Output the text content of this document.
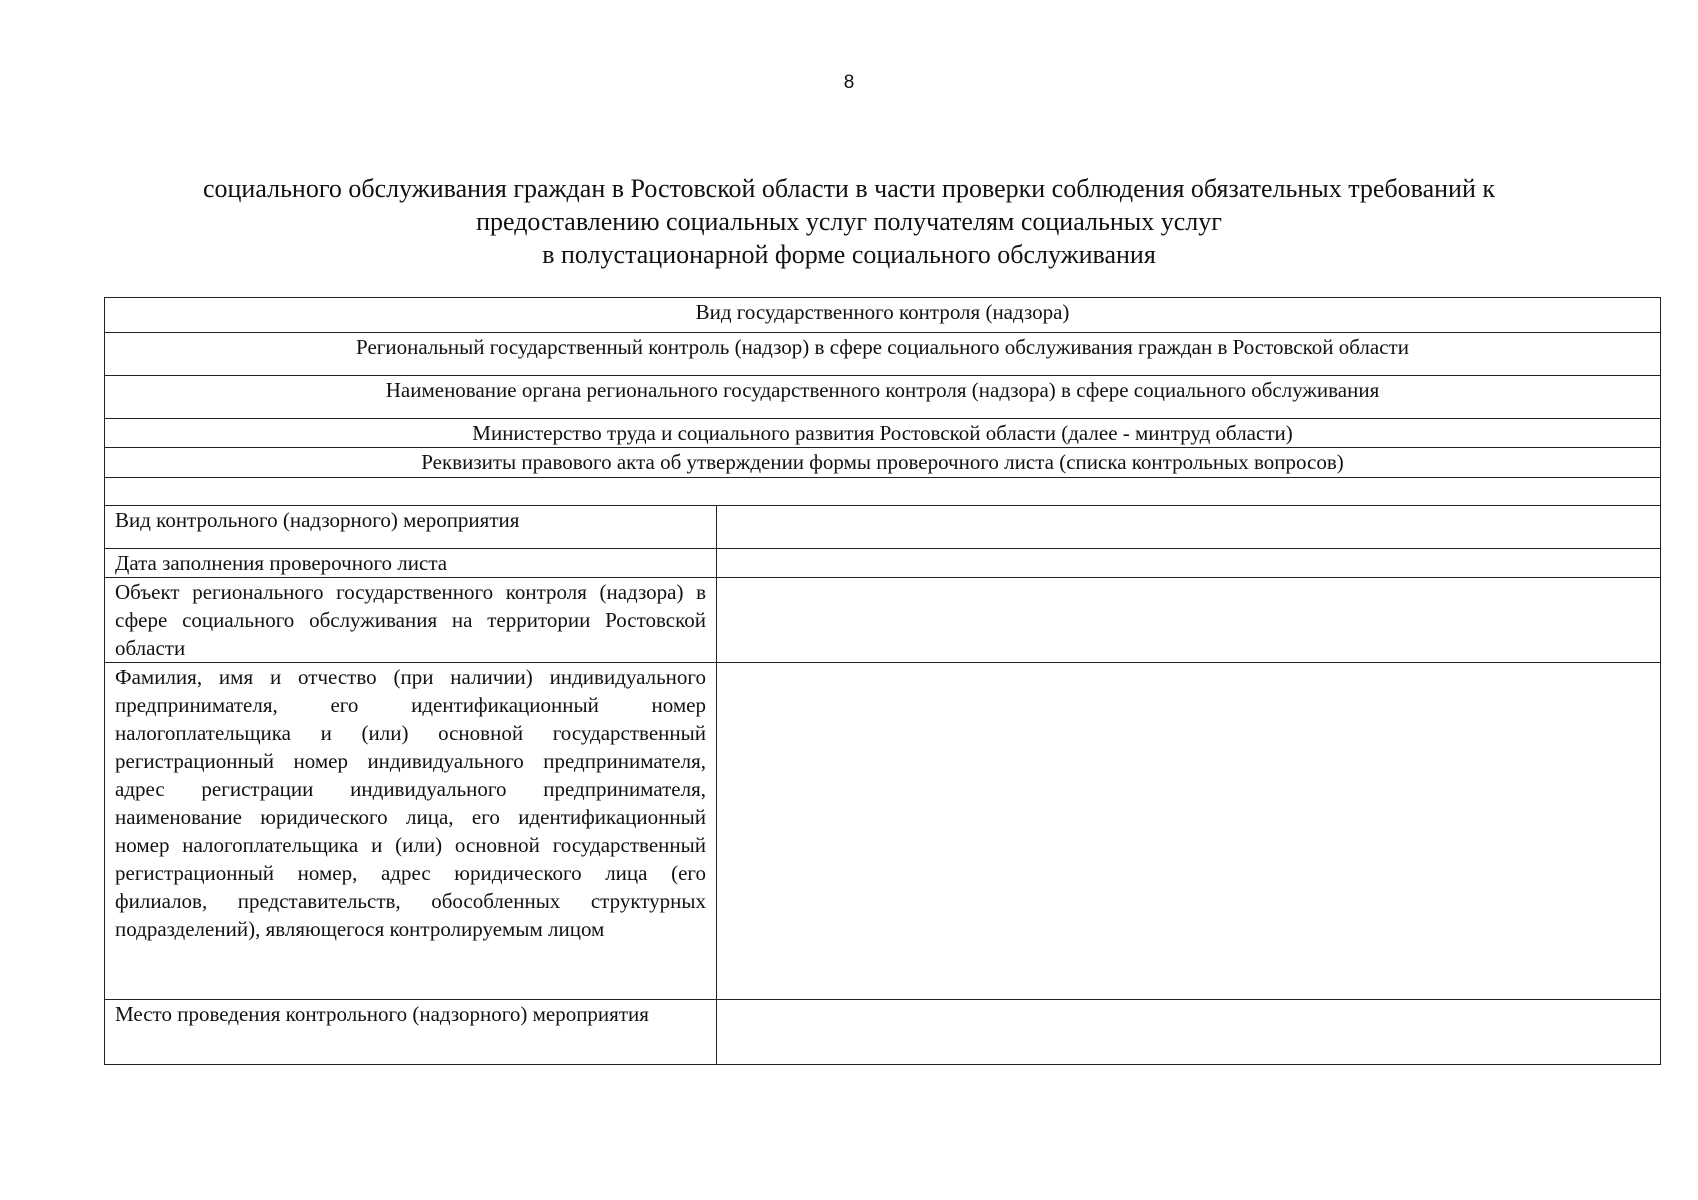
8
социального обслуживания граждан в Ростовской области в части проверки соблюдения обязательных требований к
предоставлению социальных услуг получателям социальных услуг
в полустационарной форме социального обслуживания
Вид государственного контроля (надзора)	
Региональный государственный контроль (надзор) в сфере социального обслуживания граждан в Ростовской области	
Наименование органа регионального государственного контроля (надзора) в сфере социального обслуживания	
Министерство труда и социального развития Ростовской области (далее - минтруд области)	
Реквизиты правового акта об утверждении формы проверочного листа (списка контрольных вопросов)	

Вид контрольного (надзорного) мероприятия	
Дата заполнения проверочного листа	
Объект регионального государственного контроля (надзора) в сфере социального обслуживания на территории Ростовской области	
Фамилия, имя и отчество (при наличии) индивидуального предпринимателя, его идентификационный номер налогоплательщика и (или) основной государственный регистрационный номер индивидуального предпринимателя, адрес регистрации индивидуального предпринимателя, наименование юридического лица, его идентификационный номер налогоплательщика и (или) основной государственный регистрационный номер, адрес юридического лица (его филиалов, представительств, обособленных структурных подразделений), являющегося контролируемым лицом	
Место проведения контрольного (надзорного) мероприятия	
